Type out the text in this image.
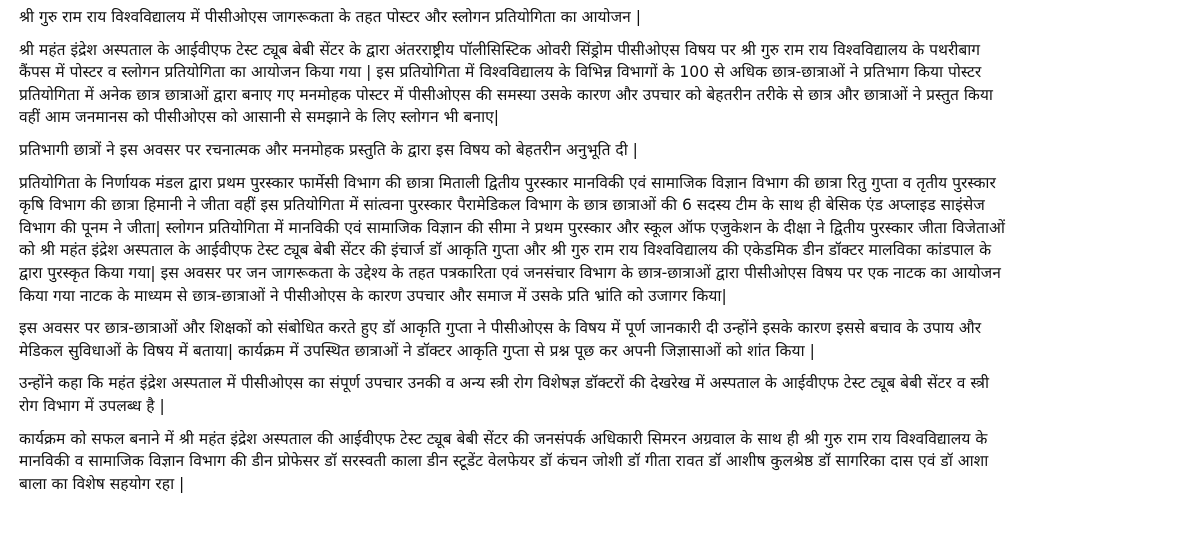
श्री गुरु राम राय विश्वविद्यालय में पीसीओएस जागरूकता के तहत पोस्टर और स्लोगन प्रतियोगिता का आयोजन |

श्री महंत इंद्रेश अस्पताल के आईवीएफ टेस्ट ट्यूब बेबी सेंटर के द्वारा अंतरराष्ट्रीय पॉलीसिस्टिक ओवरी सिंड्रोम पीसीओएस विषय पर श्री गुरु राम राय विश्वविद्यालय के पथरीबाग
कैंपस में पोस्टर व स्लोगन प्रतियोगिता का आयोजन किया गया | इस प्रतियोगिता में विश्वविद्यालय के विभिन्न विभागों के 100 से अधिक छात्र-छात्राओं ने प्रतिभाग किया पोस्टर
प्रतियोगिता में अनेक छात्र छात्राओं द्वारा बनाए गए मनमोहक पोस्टर में पीसीओएस की समस्या उसके कारण और उपचार को बेहतरीन तरीके से छात्र और छात्राओं ने प्रस्तुत किया
वहीं आम जनमानस को पीसीओएस को आसानी से समझाने के लिए स्लोगन भी बनाए|

प्रतिभागी छात्रों ने इस अवसर पर रचनात्मक और मनमोहक प्रस्तुति के द्वारा इस विषय को बेहतरीन अनुभूति दी |

प्रतियोगिता के निर्णायक मंडल द्वारा प्रथम पुरस्कार फार्मेसी विभाग की छात्रा मिताली द्वितीय पुरस्कार मानविकी एवं सामाजिक विज्ञान विभाग की छात्रा रितु गुप्ता व तृतीय पुरस्कार
कृषि विभाग की छात्रा हिमानी ने जीता वहीं इस प्रतियोगिता में सांत्वना पुरस्कार पैरामेडिकल विभाग के छात्र छात्राओं की 6 सदस्य टीम के साथ ही बेसिक एंड अप्लाइड साइंसेज
विभाग की पूनम ने जीता| स्लोगन प्रतियोगिता में मानविकी एवं सामाजिक विज्ञान की सीमा ने प्रथम पुरस्कार और स्कूल ऑफ एजुकेशन के दीक्षा ने द्वितीय पुरस्कार जीता विजेताओं
को श्री महंत इंद्रेश अस्पताल के आईवीएफ टेस्ट ट्यूब बेबी सेंटर की इंचार्ज डॉ आकृति गुप्ता और श्री गुरु राम राय विश्वविद्यालय की एकेडमिक डीन डॉक्टर मालविका कांडपाल के
द्वारा पुरस्कृत किया गया| इस अवसर पर जन जागरूकता के उद्देश्य के तहत पत्रकारिता एवं जनसंचार विभाग के छात्र-छात्राओं द्वारा पीसीओएस विषय पर एक नाटक का आयोजन
किया गया नाटक के माध्यम से छात्र-छात्राओं ने पीसीओएस के कारण उपचार और समाज में उसके प्रति भ्रांति को उजागर किया|

इस अवसर पर छात्र-छात्राओं और शिक्षकों को संबोधित करते हुए डॉ आकृति गुप्ता ने पीसीओएस के विषय में पूर्ण जानकारी दी उन्होंने इसके कारण इससे बचाव के उपाय और
मेडिकल सुविधाओं के विषय में बताया| कार्यक्रम में उपस्थित छात्राओं ने डॉक्टर आकृति गुप्ता से प्रश्न पूछ कर अपनी जिज्ञासाओं को शांत किया |

उन्होंने कहा कि महंत इंद्रेश अस्पताल में पीसीओएस का संपूर्ण उपचार उनकी व अन्य स्त्री रोग विशेषज्ञ डॉक्टरों की देखरेख में अस्पताल के आईवीएफ टेस्ट ट्यूब बेबी सेंटर व स्त्री
रोग विभाग में उपलब्ध है |

कार्यक्रम को सफल बनाने में श्री महंत इंद्रेश अस्पताल की आईवीएफ टेस्ट ट्यूब बेबी सेंटर की जनसंपर्क अधिकारी सिमरन अग्रवाल के साथ ही श्री गुरु राम राय विश्वविद्यालय के
मानविकी व सामाजिक विज्ञान विभाग की डीन प्रोफेसर डॉ सरस्वती काला डीन स्टूडेंट वेलफेयर डॉ कंचन जोशी डॉ गीता रावत डॉ आशीष कुलश्रेष्ठ डॉ सागरिका दास एवं डॉ आशा
बाला का विशेष सहयोग रहा |
